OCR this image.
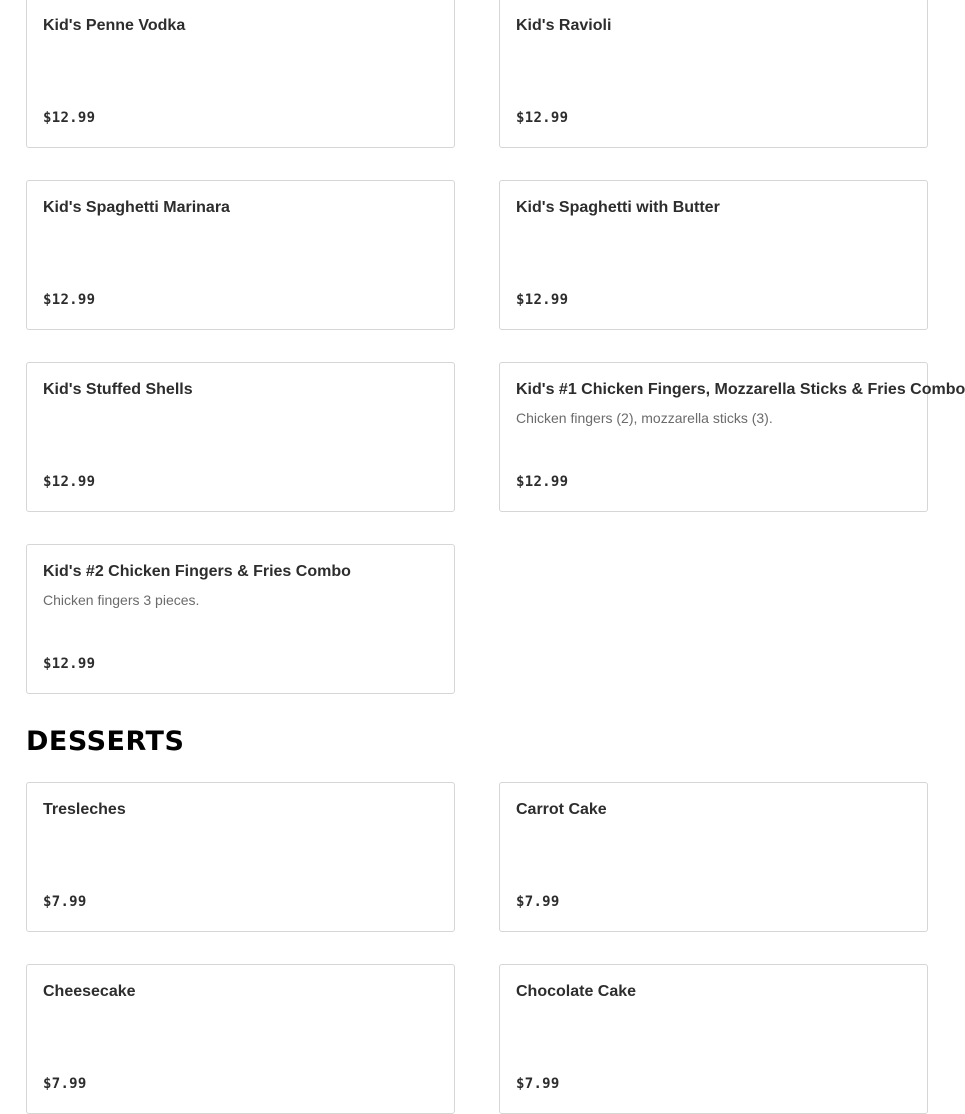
Kid's Penne Vodka
$12.99
Kid's Ravioli
$12.99
Kid's Spaghetti Marinara
$12.99
Kid's Spaghetti with Butter
$12.99
Kid's Stuffed Shells
$12.99
Kid's #1 Chicken Fingers, Mozzarella Sticks & Fries Combo
Chicken fingers (2), mozzarella sticks (3).
$12.99
Kid's #2 Chicken Fingers & Fries Combo
Chicken fingers 3 pieces.
$12.99
DESSERTS
Tresleches
$7.99
Carrot Cake
$7.99
Cheesecake
$7.99
Chocolate Cake
$7.99
